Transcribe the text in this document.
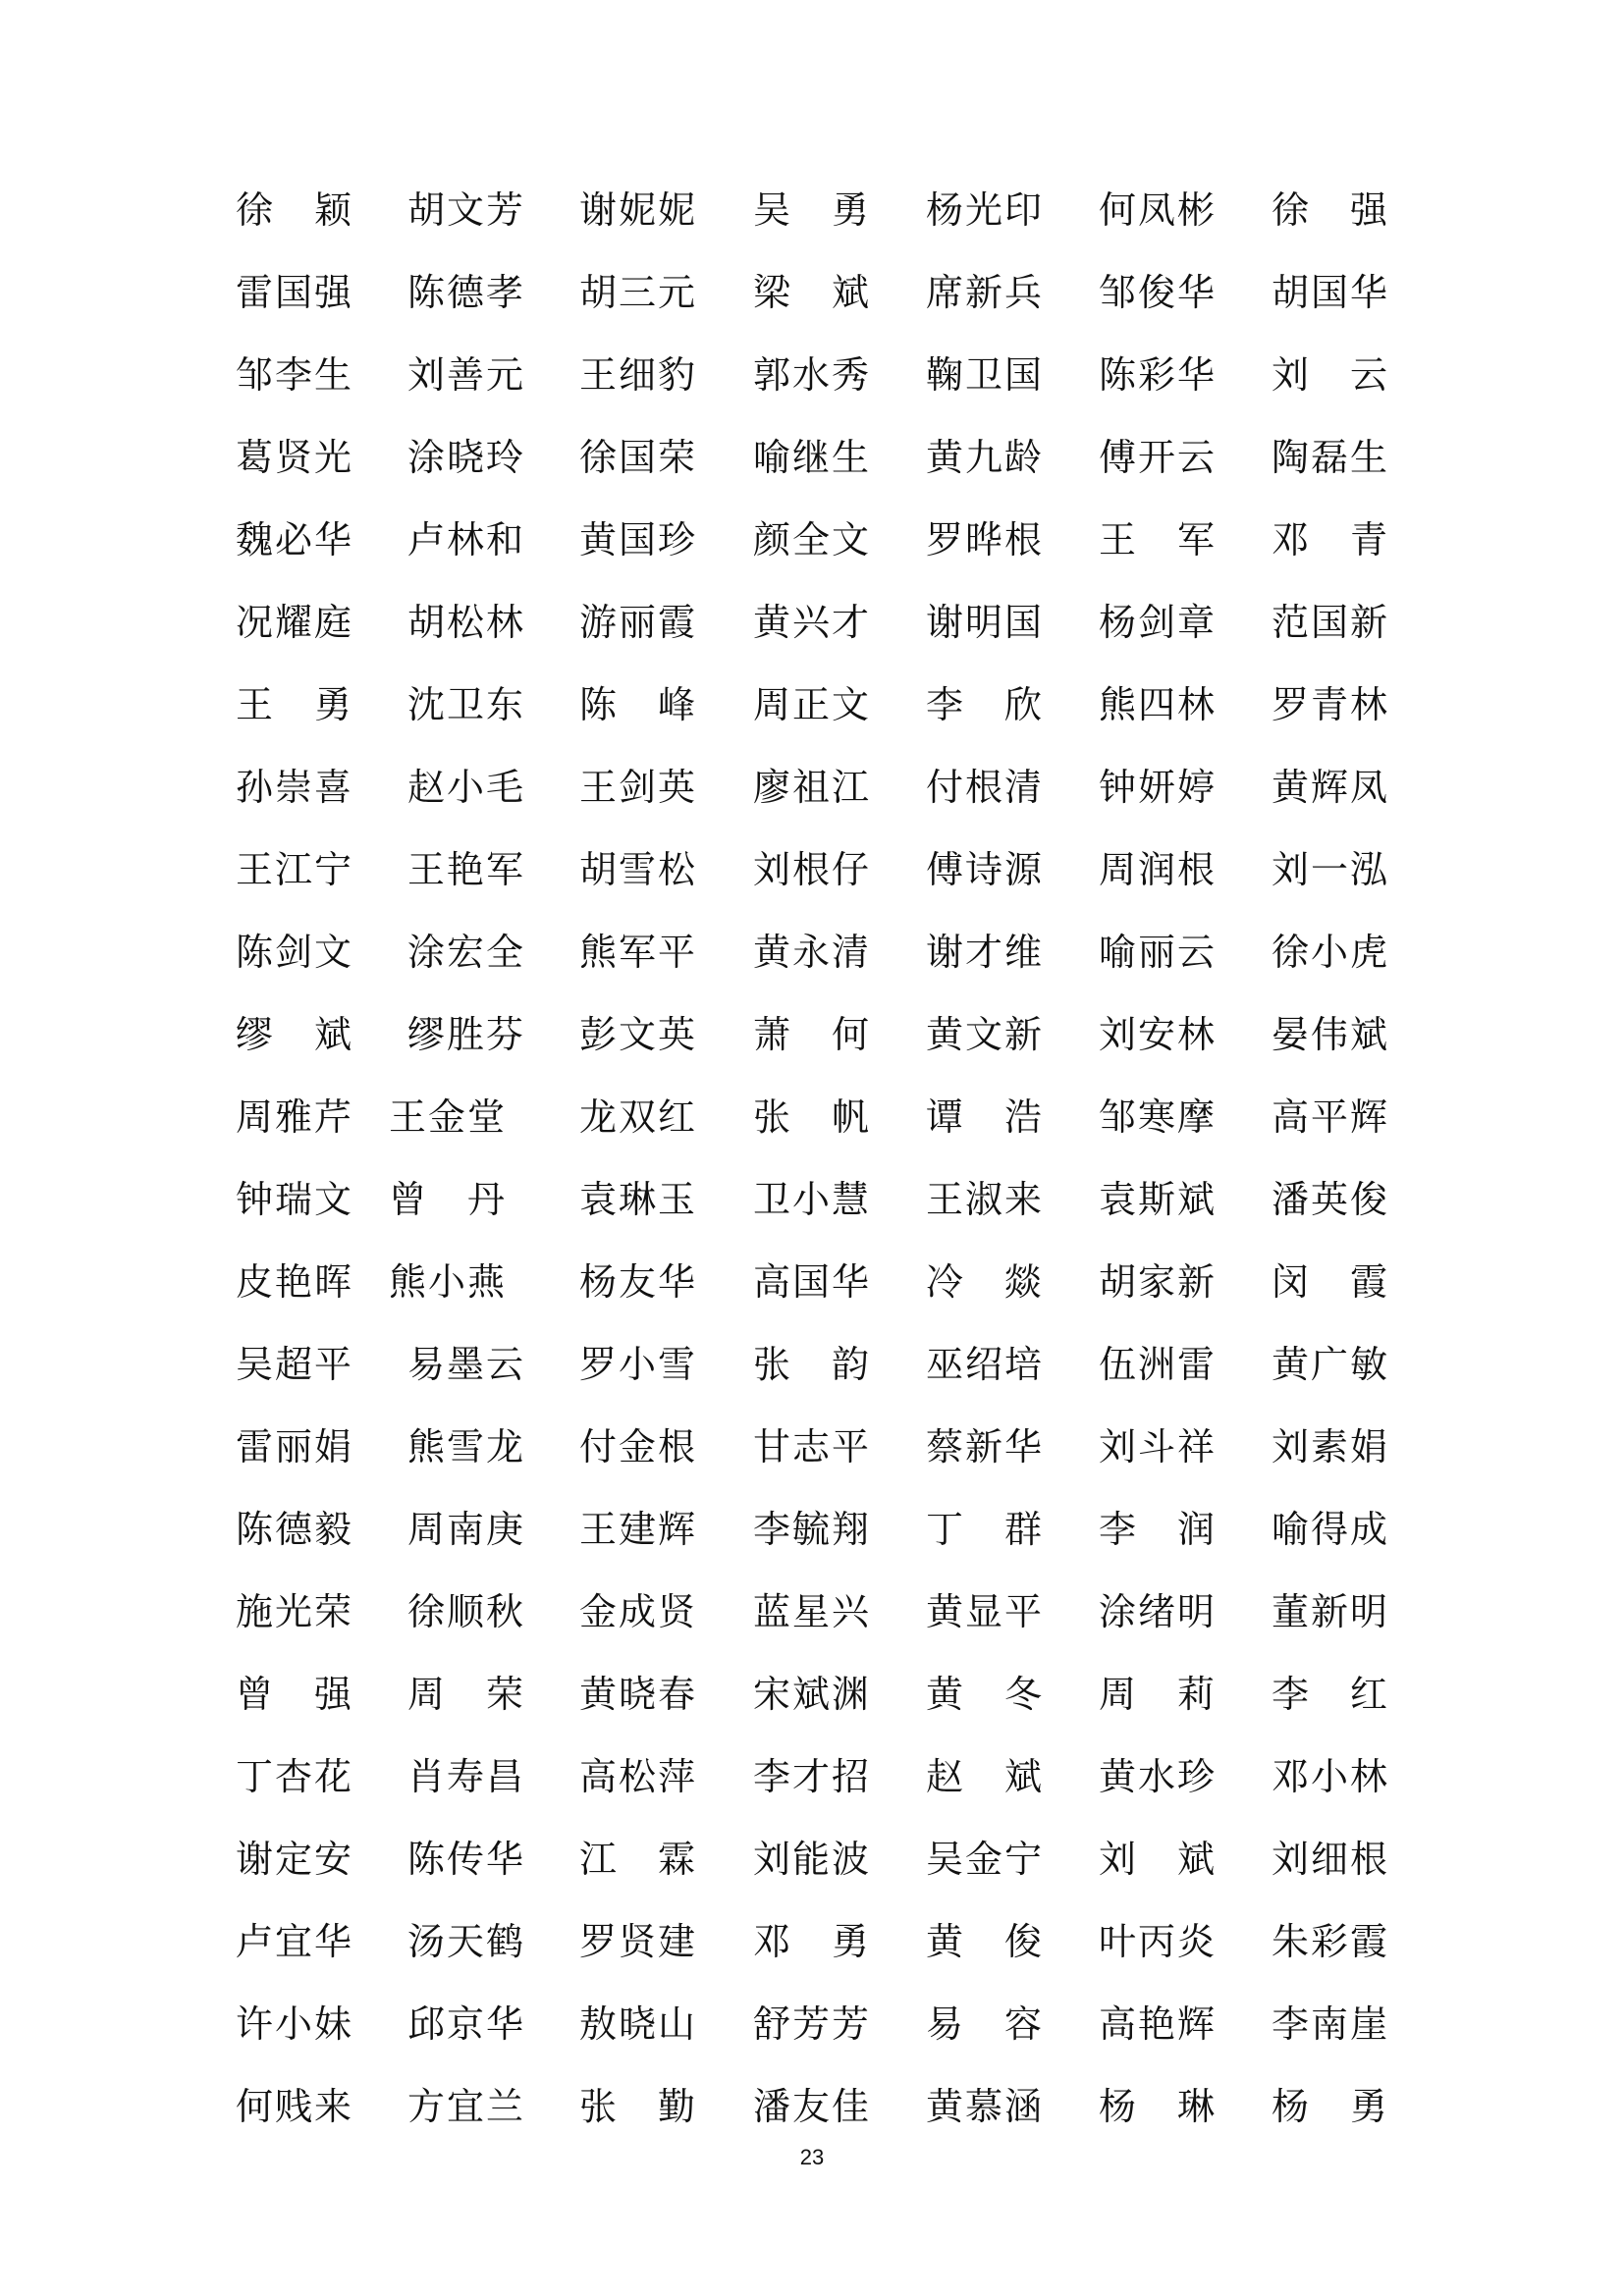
徐 颖 胡 文 芳 谢 妮 妮 吴 勇 杨 光 印 何 凤 彬 徐 强
雷 国 强 陈 德 孝 胡 三 元 梁 斌 席 新 兵 邹 俊 华 胡 国 华
邹 李 生 刘 善 元 王 细 豹 郭 水 秀 鞠 卫 国 陈 彩 华 刘 云
葛 贤 光 涂 晓 玲 徐 国 荣 喻 继 生 黄 九 龄 傅 开 云 陶 磊 生
魏 必 华 卢 林 和 黄 国 珍 颜 全 文 罗 晔 根 王 军 邓 青
况 耀 庭 胡 松 林 游 丽 霞 黄 兴 才 谢 明 国 杨 剑 章 范 国 新
王 勇 沈 卫 东 陈 峰 周 正 文 李 欣 熊 四 林 罗 青 林
孙 崇 喜 赵 小 毛 王 剑 英 廖 祖 江 付 根 清 钟 妍 婷 黄 辉 凤
王 江 宁 王 艳 军 胡 雪 松 刘 根 仔 傅 诗 源 周 润 根 刘 一 泓
陈 剑 文 涂 宏 全 熊 军 平 黄 永 清 谢 才 维 喻 丽 云 徐 小 虎
缪 斌 缪 胜 芬 彭 文 英 萧 何 黄 文 新 刘 安 林 晏 伟 斌
周 雅 芹 王 金 堂 龙 双 红 张 帆 谭 浩 邹 寒 摩 高 平 辉
钟 瑞 文 曾 丹 袁 琳 玉 卫 小 慧 王 淑 来 袁 斯 斌 潘 英 俊
皮 艳 晖 熊 小 燕 杨 友 华 高 国 华 冷 燚 胡 家 新 闵 霞
吴 超 平 易 墨 云 罗 小 雪 张 韵 巫 绍 培 伍 洲 雷 黄 广 敏
雷 丽 娟 熊 雪 龙 付 金 根 甘 志 平 蔡 新 华 刘 斗 祥 刘 素 娟
陈 德 毅 周 南 庚 王 建 辉 李 毓 翔 丁 群 李 润 喻 得 成
施 光 荣 徐 顺 秋 金 成 贤 蓝 星 兴 黄 显 平 涂 绪 明 董 新 明
曾 强 周 荣 黄 晓 春 宋 斌 渊 黄 冬 周 莉 李 红
丁 杏 花 肖 寿 昌 高 松 萍 李 才 招 赵 斌 黄 水 珍 邓 小 林
谢 定 安 陈 传 华 江 霖 刘 能 波 吴 金 宁 刘 斌 刘 细 根
卢 宜 华 汤 天 鹤 罗 贤 建 邓 勇 黄 俊 叶 丙 炎 朱 彩 霞
许 小 妹 邱 京 华 敖 晓 山 舒 芳 芳 易 容 高 艳 辉 李 南 崖
何 贱 来 方 宜 兰 张 勤 潘 友 佳 黄 慕 涵 杨 琳 杨 勇
23
